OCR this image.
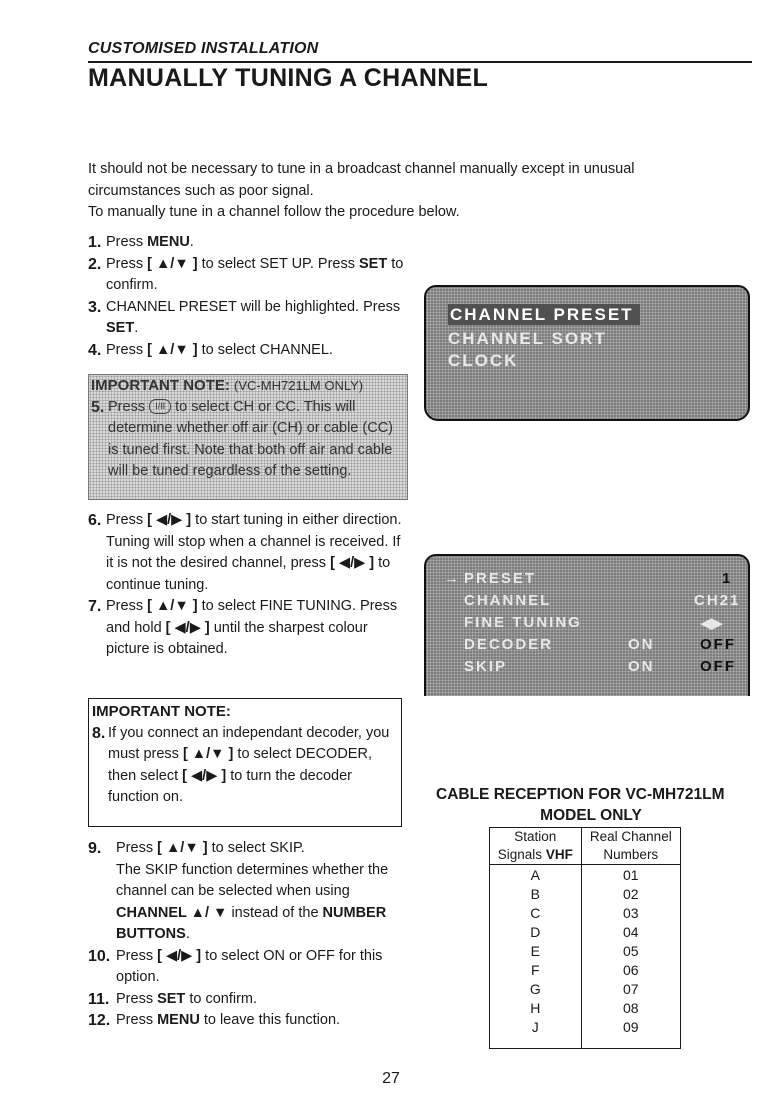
CUSTOMISED INSTALLATION
MANUALLY TUNING A CHANNEL

It should not be necessary to tune in a broadcast channel manually except in unusual circumstances such as poor signal.

To manually tune in a channel follow the procedure below.

1. Press MENU.
2. Press [ ▲/▼ ] to select SET UP. Press SET to confirm.
3. CHANNEL PRESET will be highlighted. Press SET.
4. Press [ ▲/▼ ] to select CHANNEL.
IMPORTANT NOTE: (VC-MH721LM ONLY)
5. Press I/II to select CH or CC. This will determine whether off air (CH) or cable (CC) is tuned first. Note that both off air and cable will be tuned regardless of the setting.
6. Press [ ◀/▶ ] to start tuning in either direction. Tuning will stop when a channel is received. If it is not the desired channel, press [ ◀/▶ ] to continue tuning.
7. Press [ ▲/▼ ] to select FINE TUNING. Press and hold [ ◀/▶ ] until the sharpest colour picture is obtained.
IMPORTANT NOTE:
8. If you connect an independant decoder, you must press [ ▲/▼ ] to select DECODER, then select [ ◀/▶ ] to turn the decoder function on.
9. Press [ ▲/▼ ] to select SKIP.
The SKIP function determines whether the channel can be selected when using CHANNEL ▲/ ▼ instead of the NUMBER BUTTONS.
10. Press [ ◀/▶ ] to select ON or OFF for this option.
11. Press SET to confirm.
12. Press MENU to leave this function.
CHANNEL PRESET
CHANNEL SORT
CLOCK
→ PRESET	1
CHANNEL	CH21
FINE TUNING	◀▶
DECODER	ON	OFF
SKIP	ON	OFF
CABLE RECEPTION FOR VC-MH721LM
MODEL ONLY
Station
Signals VHF	Real Channel
Numbers
A	01
B	02
C	03
D	04
E	05
F	06
G	07
H	08
J	09
27
